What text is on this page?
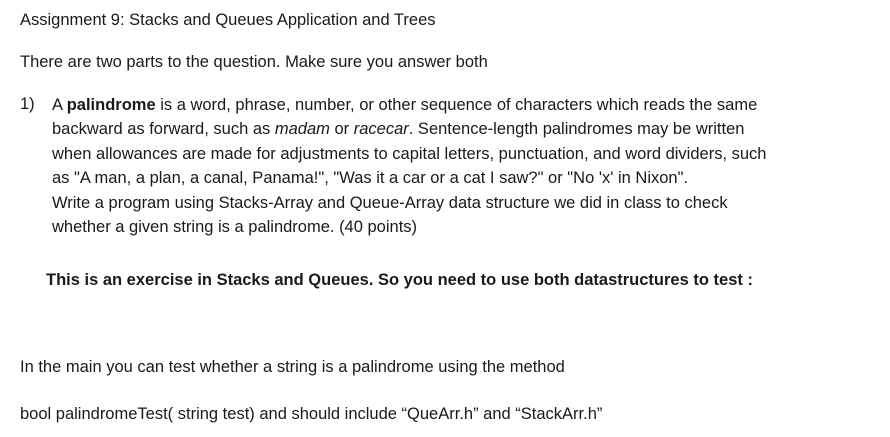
Assignment 9: Stacks and Queues Application and Trees
There are two parts to the question. Make sure you answer both
1) A palindrome is a word, phrase, number, or other sequence of characters which reads the same
backward as forward, such as madam or racecar. Sentence-length palindromes may be written
when allowances are made for adjustments to capital letters, punctuation, and word dividers, such
as "A man, a plan, a canal, Panama!", "Was it a car or a cat I saw?" or "No 'x' in Nixon".
Write a program using Stacks-Array and Queue-Array data structure we did in class to check
whether a given string is a palindrome. (40 points)
This is an exercise in Stacks and Queues. So you need to use both datastructures to test :
In the main you can test whether a string is a palindrome using the method
bool palindromeTest( string test) and should include “QueArr.h” and “StackArr.h”
